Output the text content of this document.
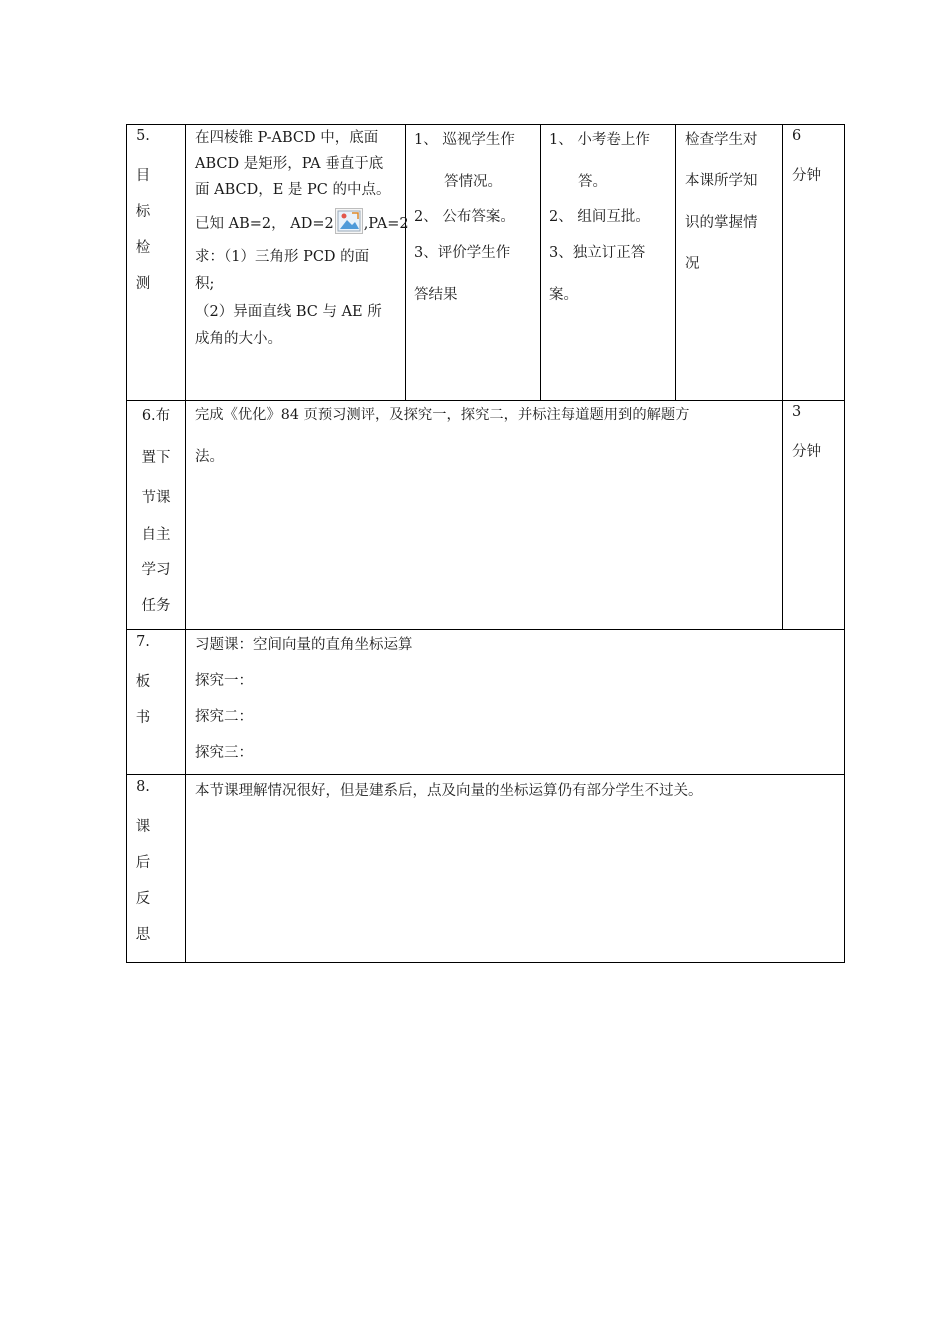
5.
目
标
检
测
在四棱锥 P-ABCD 中，底面
ABCD 是矩形，PA 垂直于底
面 ABCD，E 是 PC 的中点。
已知 AB=2， AD=2 ,PA=2
求：（1）三角形 PCD 的面
积;
（2）异面直线 BC 与 AE 所
成角的大小。
1、 巡视学生作
答情况。
2、 公布答案。
3、评价学生作
答结果
1、 小考卷上作
答。
2、 组间互批。
3、独立订正答
案。
检查学生对
本课所学知
识的掌握情
况
6
分钟
6.布
置下
节课
自主
学习
任务
完成《优化》84 页预习测评，及探究一，探究二，并标注每道题用到的解题方
法。
3
分钟
7.
板
书
习题课：空间向量的直角坐标运算
探究一：
探究二：
探究三：
8.
课
后
反
思
本节课理解情况很好，但是建系后，点及向量的坐标运算仍有部分学生不过关。
